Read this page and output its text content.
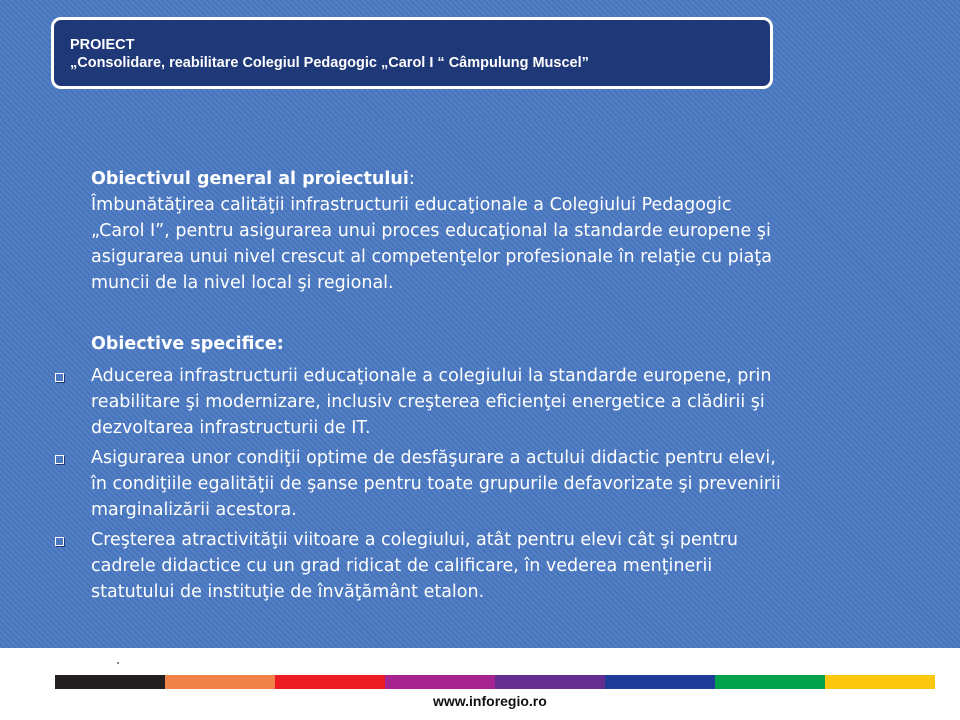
PROIECT
„Consolidare, reabilitare Colegiul Pedagogic „Carol I “ Câmpulung Muscel”
Obiectivul general al proiectului:
Îmbunătăţirea calităţii infrastructurii educaţionale a Colegiului Pedagogic
„Carol I”, pentru asigurarea unui proces educaţional la standarde europene şi
asigurarea unui nivel crescut al competenţelor profesionale în relaţie cu piaţa
muncii de la nivel local şi regional.
Obiective specifice:
Aducerea infrastructurii educaţionale a colegiului la standarde europene, prin
reabilitare şi modernizare, inclusiv creşterea eficienţei energetice a clădirii şi
dezvoltarea infrastructurii de IT.
Asigurarea unor condiţii optime de desfăşurare a actului didactic pentru elevi,
în condiţiile egalităţii de şanse pentru toate grupurile defavorizate şi prevenirii
marginalizării acestora.
Creşterea atractivităţii viitoare a colegiului, atât pentru elevi cât şi pentru
cadrele didactice cu un grad ridicat de calificare, în vederea menţinerii
statutului de instituţie de învăţământ etalon.
www.inforegio.ro
